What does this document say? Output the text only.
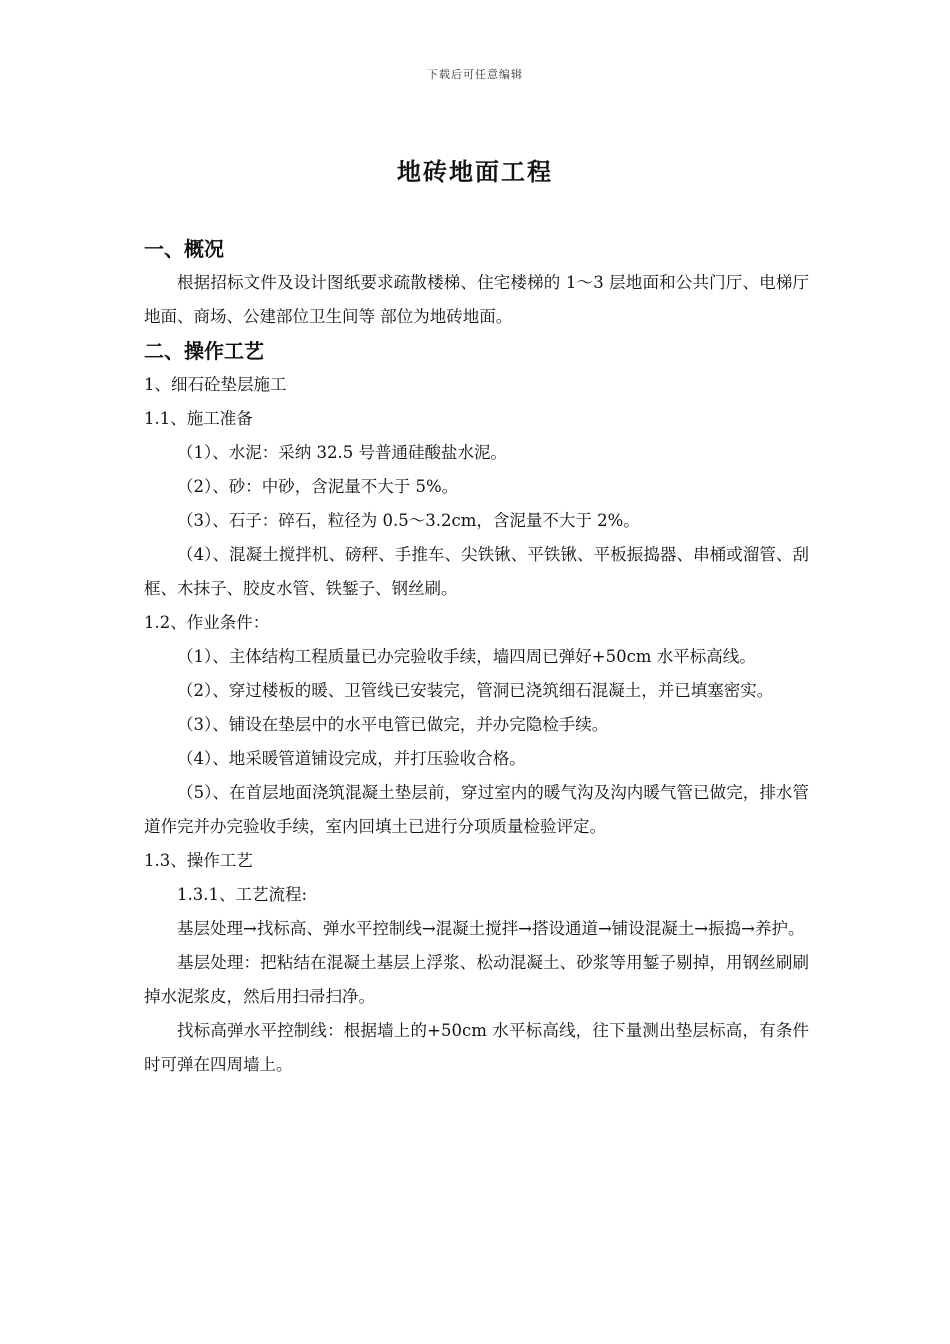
下载后可任意编辑
地砖地面工程

一、概况

根据招标文件及设计图纸要求疏散楼梯、住宅楼梯的 1～3 层地面和公共门厅、电梯厅地面、商场、公建部位卫生间等 部位为地砖地面。

二、操作工艺

1、细石砼垫层施工

1.1、施工准备

（1）、水泥：采纳 32.5 号普通硅酸盐水泥。

（2）、砂：中砂，含泥量不大于 5%。

（3）、石子：碎石，粒径为 0.5～3.2cm，含泥量不大于 2%。

（4）、混凝土搅拌机、磅秤、手推车、尖铁锹、平铁锹、平板振捣器、串桶或溜管、刮框、木抹子、胶皮水管、铁錾子、钢丝刷。

1.2、作业条件：

（1）、主体结构工程质量已办完验收手续，墙四周已弹好+50cm 水平标高线。

（2）、穿过楼板的暖、卫管线已安装完，管洞已浇筑细石混凝土，并已填塞密实。

（3）、铺设在垫层中的水平电管已做完，并办完隐检手续。

（4）、地采暖管道铺设完成，并打压验收合格。

（5）、在首层地面浇筑混凝土垫层前，穿过室内的暖气沟及沟内暖气管已做完，排水管道作完并办完验收手续，室内回填土已进行分项质量检验评定。

1.3、操作工艺

1.3.1、工艺流程:

基层处理→找标高、弹水平控制线→混凝土搅拌→搭设通道→铺设混凝土→振捣→养护。

基层处理：把粘结在混凝土基层上浮浆、松动混凝土、砂浆等用錾子剔掉，用钢丝刷刷掉水泥浆皮，然后用扫帚扫净。

找标高弹水平控制线：根据墙上的+50cm 水平标高线，往下量测出垫层标高，有条件时可弹在四周墙上。
